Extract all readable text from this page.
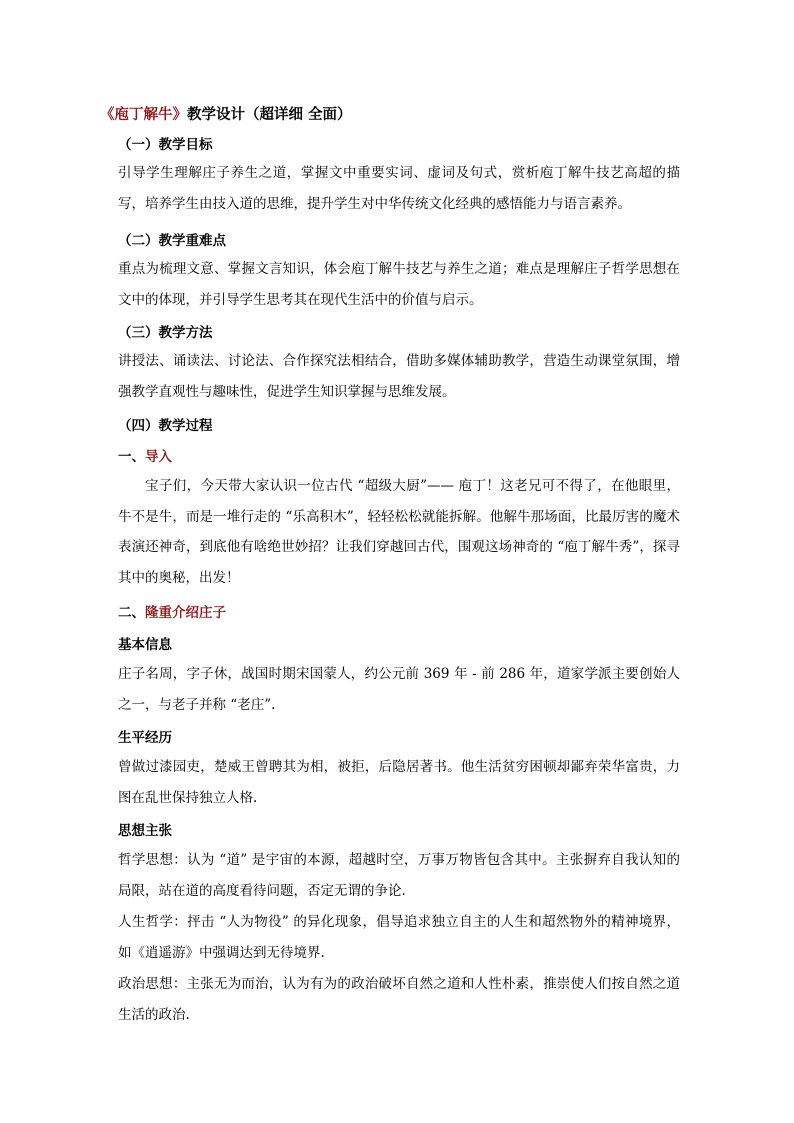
《庖丁解牛》教学设计（超详细 全面）
（一）教学目标
引导学生理解庄子养生之道，掌握文中重要实词、虚词及句式，赏析庖丁解牛技艺高超的描写，培养学生由技入道的思维，提升学生对中华传统文化经典的感悟能力与语言素养。
（二）教学重难点
重点为梳理文意、掌握文言知识，体会庖丁解牛技艺与养生之道；难点是理解庄子哲学思想在文中的体现，并引导学生思考其在现代生活中的价值与启示。
（三）教学方法
讲授法、诵读法、讨论法、合作探究法相结合，借助多媒体辅助教学，营造生动课堂氛围，增强教学直观性与趣味性，促进学生知识掌握与思维发展。
（四）教学过程
一、导入
宝子们，今天带大家认识一位古代 “超级大厨”—— 庖丁！这老兄可不得了，在他眼里，牛不是牛，而是一堆行走的 “乐高积木”，轻轻松松就能拆解。他解牛那场面，比最厉害的魔术表演还神奇，到底他有啥绝世妙招？让我们穿越回古代，围观这场神奇的 “庖丁解牛秀”，探寻其中的奥秘，出发！
二、隆重介绍庄子
基本信息
庄子名周，字子休，战国时期宋国蒙人，约公元前 369 年 - 前 286 年，道家学派主要创始人之一，与老子并称 “老庄”.
生平经历
曾做过漆园吏，楚威王曾聘其为相，被拒，后隐居著书。他生活贫穷困顿却鄙弃荣华富贵，力图在乱世保持独立人格.
思想主张
哲学思想：认为 “道” 是宇宙的本源，超越时空，万事万物皆包含其中。主张摒弃自我认知的局限，站在道的高度看待问题，否定无谓的争论.
人生哲学：抨击 “人为物役” 的异化现象，倡导追求独立自主的人生和超然物外的精神境界，如《逍遥游》中强调达到无待境界.
政治思想：主张无为而治，认为有为的政治破坏自然之道和人性朴素，推崇使人们按自然之道生活的政治.
